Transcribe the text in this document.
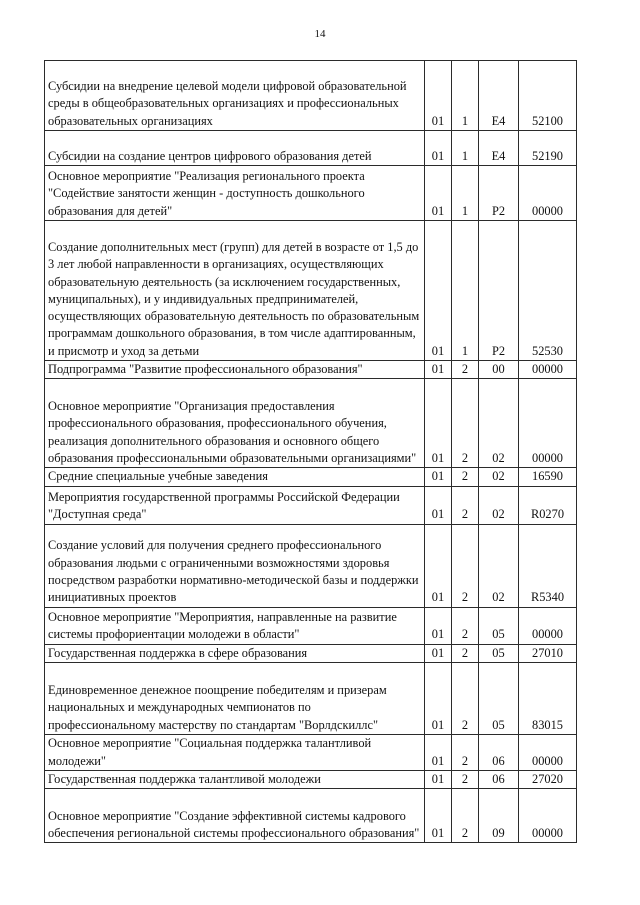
14
Субсидии на внедрение целевой модели цифровой образовательной среды в общеобразовательных организациях и профессиональных образовательных организациях	01	1	E4	52100
Субсидии на создание центров цифрового образования детей	01	1	E4	52190
Основное мероприятие "Реализация регионального проекта "Содействие занятости женщин - доступность дошкольного образования для детей"	01	1	P2	00000
Создание дополнительных мест (групп) для детей в возрасте от 1,5 до 3 лет любой направленности в организациях, осуществляющих образовательную деятельность (за исключением государственных, муниципальных), и у индивидуальных предпринимателей, осуществляющих образовательную деятельность по образовательным программам дошкольного образования, в том числе адаптированным, и присмотр и уход за детьми	01	1	P2	52530
Подпрограмма "Развитие профессионального образования"	01	2	00	00000
Основное мероприятие "Организация предоставления профессионального образования, профессионального обучения, реализация дополнительного образования и основного общего образования профессиональными образовательными организациями"	01	2	02	00000
Средние специальные учебные заведения	01	2	02	16590
Мероприятия государственной программы Российской Федерации "Доступная среда"	01	2	02	R0270
Создание условий для получения среднего профессионального образования людьми с ограниченными возможностями здоровья посредством разработки нормативно-методической базы и поддержки инициативных проектов	01	2	02	R5340
Основное мероприятие "Мероприятия, направленные на развитие системы профориентации молодежи в области"	01	2	05	00000
Государственная поддержка в сфере образования	01	2	05	27010
Единовременное денежное поощрение победителям и призерам национальных и международных чемпионатов по профессиональному мастерству по стандартам "Ворлдскиллс"	01	2	05	83015
Основное мероприятие "Социальная поддержка талантливой молодежи"	01	2	06	00000
Государственная поддержка талантливой молодежи	01	2	06	27020
Основное мероприятие "Создание эффективной системы кадрового обеспечения региональной системы профессионального образования"	01	2	09	00000
